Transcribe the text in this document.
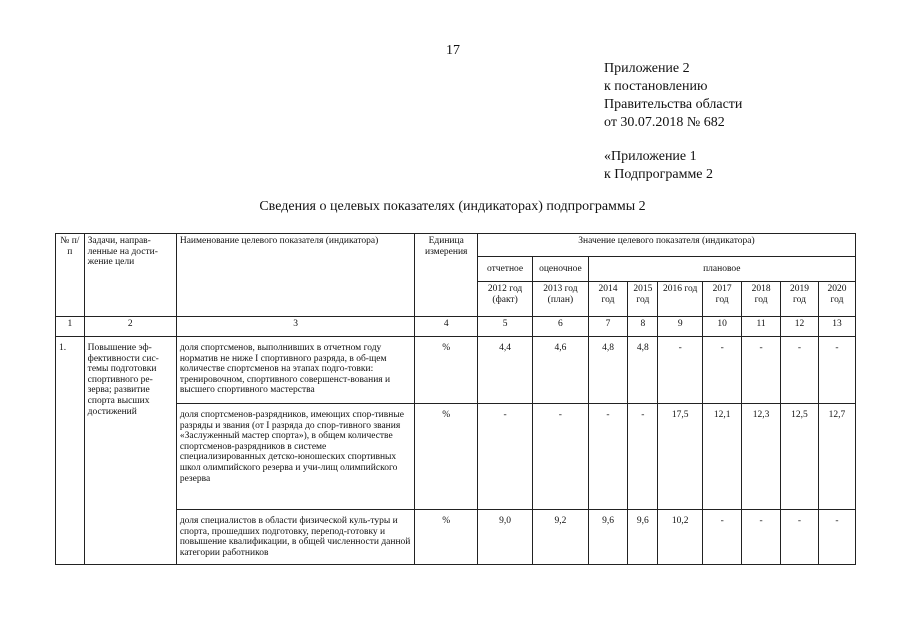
17
Приложение 2
к постановлению
Правительства области
от 30.07.2018 № 682
«Приложение 1
к Подпрограмме 2
Сведения о целевых показателях (индикаторах) подпрограммы 2
№ п/п	Задачи, направ-ленные на дости-жение цели	Наименование целевого показателя (индикатора)	Единица измерения	Значение целевого показателя (индикатора)								
				отчетное	оценочное	плановое						
				2012 год (факт)	2013 год (план)	2014 год	2015 год	2016 год	2017 год	2018 год	2019 год	2020 год
1	2	3	4	5	6	7	8	9	10	11	12	13
1.	Повышение эф-фективности сис-темы подготовки спортивного ре-зерва; развитие спорта высших достижений	доля спортсменов, выполнивших в отчетном году норматив не ниже I спортивного разряда, в об-щем количестве спортсменов на этапах подго-товки: тренировочном, спортивного совершенст-вования и высшего спортивного мастерства	%	4,4	4,6	4,8	4,8	-	-	-	-	-
		доля спортсменов-разрядников, имеющих спор-тивные разряды и звания (от I разряда до спор-тивного звания «Заслуженный мастер спорта»), в общем количестве спортсменов-разрядников в системе специализированных детско-юношеских спортивных школ олимпийского резерва и учи-лищ олимпийского резерва	%	-	-	-	-	17,5	12,1	12,3	12,5	12,7
		доля специалистов в области физической куль-туры и спорта, прошедших подготовку, перепод-готовку и повышение квалификации, в общей численности данной категории работников	%	9,0	9,2	9,6	9,6	10,2	-	-	-	-
